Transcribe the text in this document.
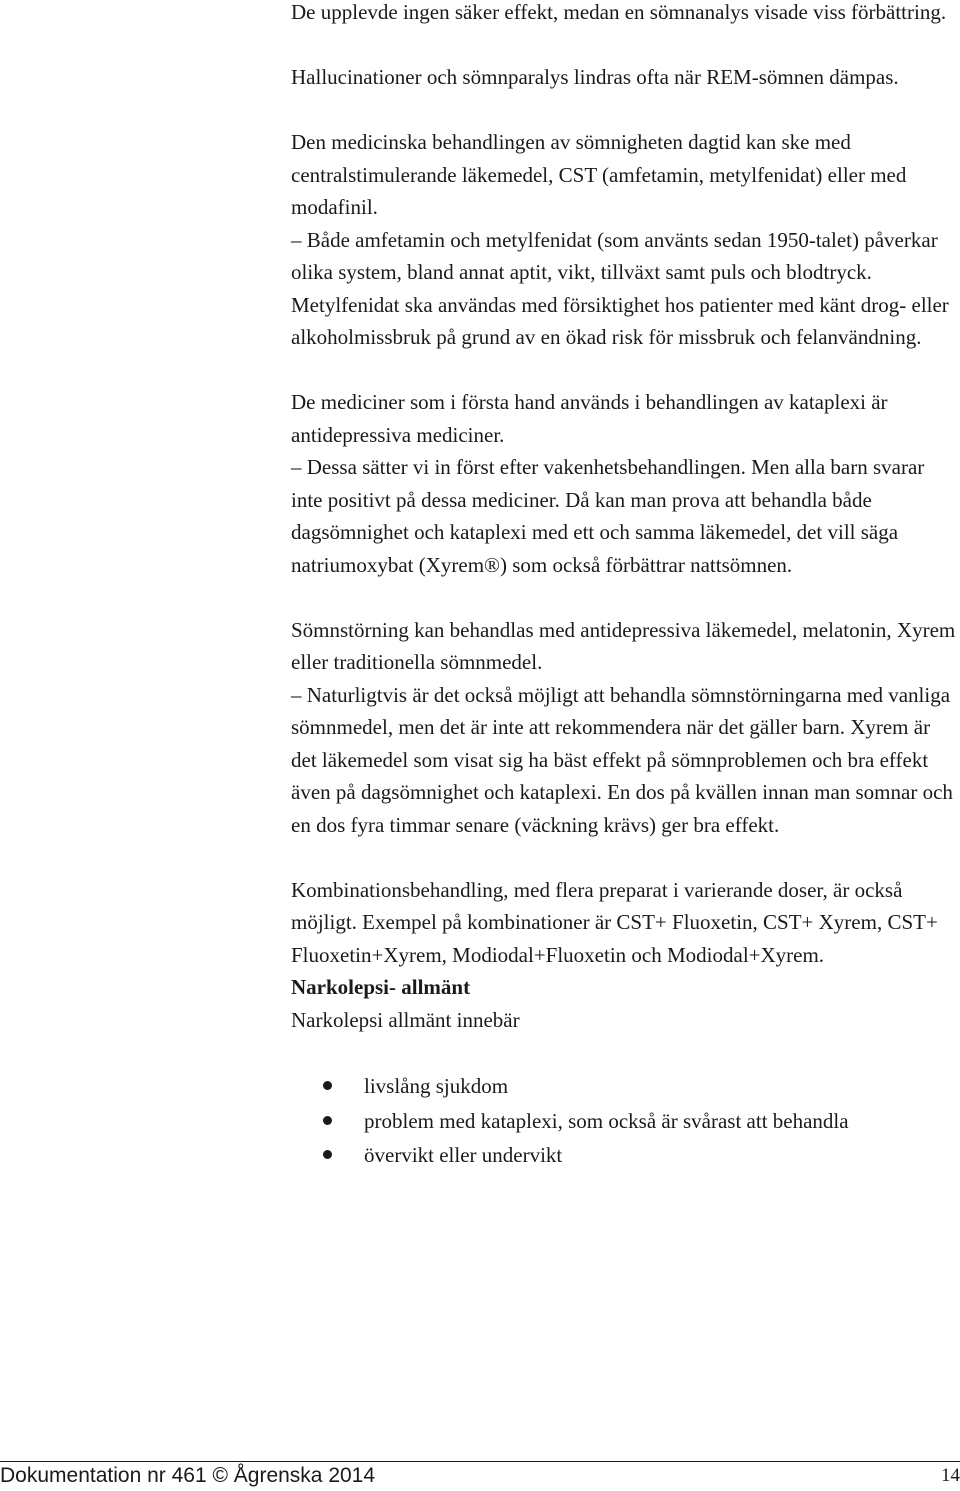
De upplevde ingen säker effekt, medan en sömnanalys visade viss förbättring.

Hallucinationer och sömnparalys lindras ofta när REM-sömnen dämpas.

Den medicinska behandlingen av sömnigheten dagtid kan ske med centralstimulerande läkemedel, CST (amfetamin, metylfenidat) eller med modafinil.
– Både amfetamin och metylfenidat (som använts sedan 1950-talet) påverkar olika system, bland annat aptit, vikt, tillväxt samt puls och blodtryck. Metylfenidat ska användas med försiktighet hos patienter med känt drog- eller alkoholmissbruk på grund av en ökad risk för missbruk och felanvändning.

De mediciner som i första hand används i behandlingen av kataplexi är antidepressiva mediciner.
– Dessa sätter vi in först efter vakenhetsbehandlingen. Men alla barn svarar inte positivt på dessa mediciner. Då kan man prova att behandla både dagsömnighet och kataplexi med ett och samma läkemedel, det vill säga natriumoxybat (Xyrem®) som också förbättrar nattsömnen.

Sömnstörning kan behandlas med antidepressiva läkemedel, melatonin, Xyrem eller traditionella sömnmedel.
– Naturligtvis är det också möjligt att behandla sömnstörningarna med vanliga sömnmedel, men det är inte att rekommendera när det gäller barn. Xyrem är det läkemedel som visat sig ha bäst effekt på sömnproblemen och bra effekt även på dagsömnighet och kataplexi. En dos på kvällen innan man somnar och en dos fyra timmar senare (väckning krävs) ger bra effekt.

Kombinationsbehandling, med flera preparat i varierande doser, är också möjligt. Exempel på kombinationer är CST+ Fluoxetin, CST+ Xyrem, CST+ Fluoxetin+Xyrem, Modiodal+Fluoxetin och Modiodal+Xyrem.

Narkolepsi- allmänt

Narkolepsi allmänt innebär

livslång sjukdom
problem med kataplexi, som också är svårast att behandla
övervikt eller undervikt
Dokumentation nr 461 © Ågrenska 2014	14
